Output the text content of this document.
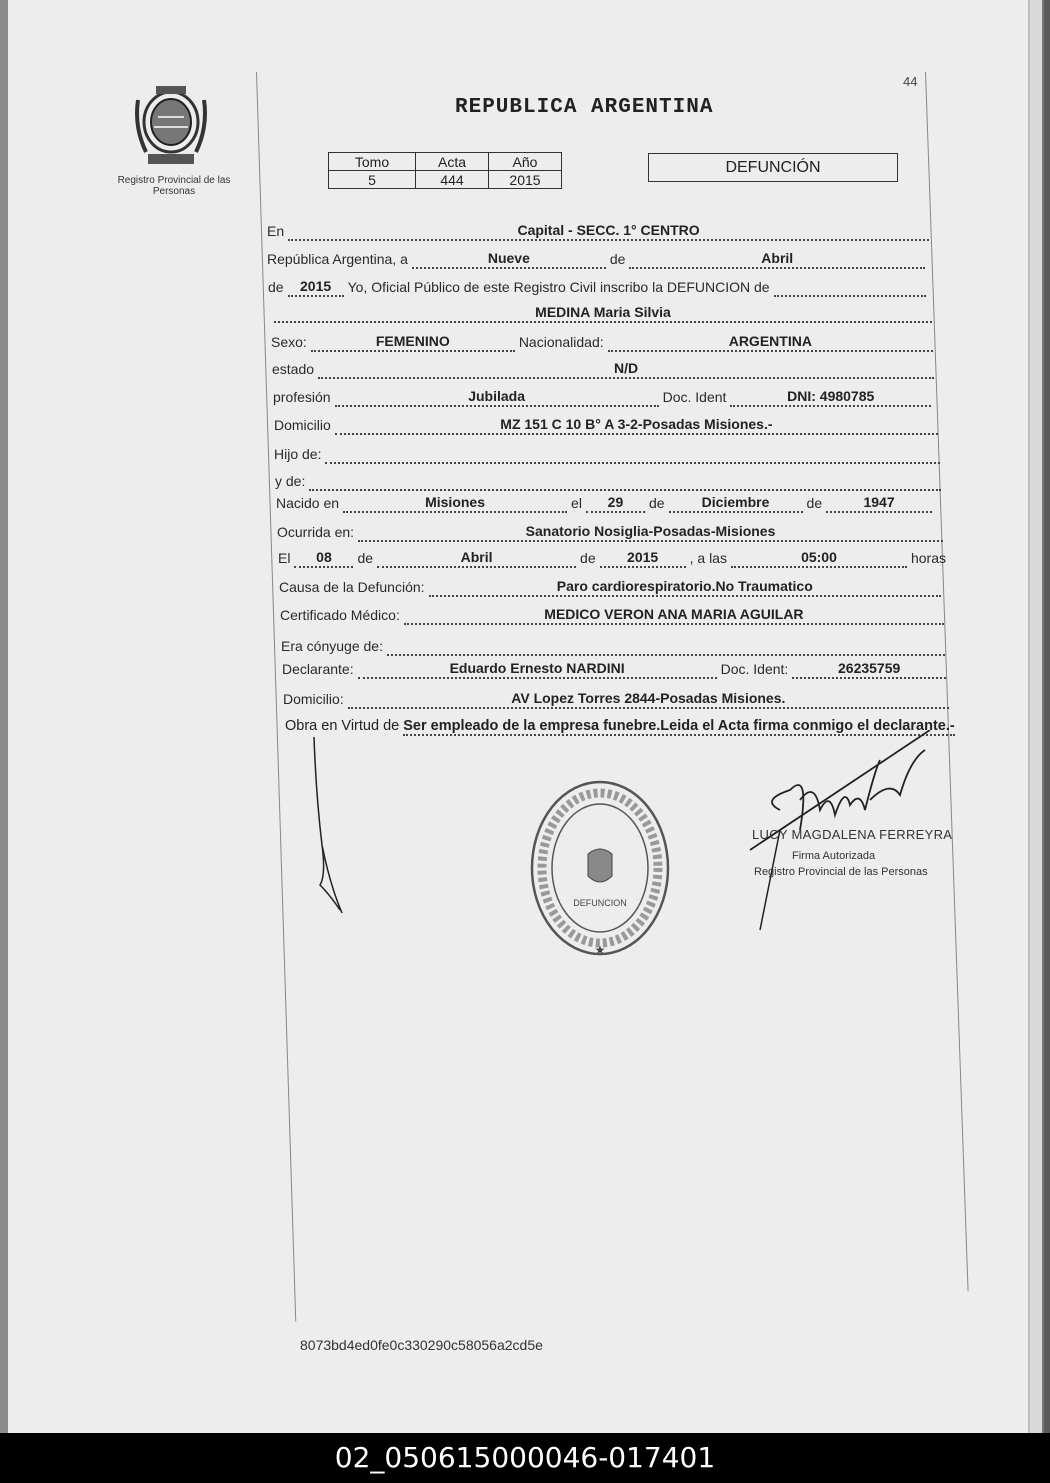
Registro Provincial de las Personas
44
REPUBLICA ARGENTINA
Tomo	Acta	Año
5	444	2015
DEFUNCIÓN
En	Capital - SECC. 1° CENTRO
República Argentina, a	Nueve	de	Abril
de	2015	Yo, Oficial Público de este Registro Civil inscribo la DEFUNCION de
MEDINA Maria Silvia
Sexo:	FEMENINO	Nacionalidad:	ARGENTINA
estado	N/D
profesión	Jubilada	Doc. Ident	DNI: 4980785
Domicilio	MZ 151 C 10 B° A 3-2-Posadas Misiones.-
Hijo de:
y de:
Nacido en	Misiones	el	29	de	Diciembre	de	1947
Ocurrida en:	Sanatorio Nosiglia-Posadas-Misiones
El	08	de	Abril	de	2015	, a las	05:00	horas
Causa de la Defunción:	Paro cardiorespiratorio.No Traumatico
Certificado Médico:	MEDICO VERON ANA MARIA AGUILAR
Era cónyuge de:
Declarante:	Eduardo Ernesto NARDINI	Doc. Ident:	26235759
Domicilio:	AV Lopez Torres 2844-Posadas Misiones.
Obra en Virtud de Ser empleado de la empresa funebre.Leida el Acta firma conmigo el declarante.-
DEFUNCION
★
LUCY MAGDALENA FERREYRA
Firma Autorizada
Registro Provincial de las Personas
8073bd4ed0fe0c330290c58056a2cd5e
02_050615000046-017401
